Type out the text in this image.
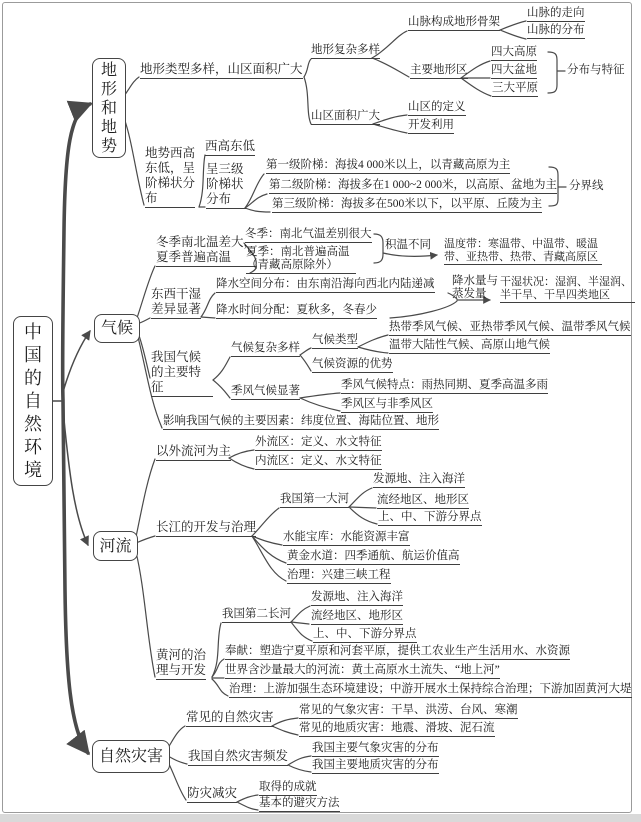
中国的自然环境
地形和地势
气候
河流
自然灾害
地形类型多样，山区面积广大
地形复杂多样
山脉构成地形骨架
山脉的走向
山脉的分布
主要地形区
四大高原
四大盆地
三大平原
分布与特征
山区面积广大
山区的定义
开发利用
地势西高东低，呈阶梯状分布
西高东低
呈三级阶梯状分布
第一级阶梯：海拔4 000米以上，以青藏高原为主
第二级阶梯：海拔多在1 000~2 000米，以高原、盆地为主
第三级阶梯：海拔多在500米以下，以平原、丘陵为主
分界线
冬季南北温差大，夏季普遍高温
冬季：南北气温差别很大
夏季：南北普遍高温（青藏高原除外）
积温不同 温度带：寒温带、中温带、暖温带、亚热带、热带、青藏高原区
东西干湿差异显著
降水空间分布：由东南沿海向西北内陆递减
降水时间分配：夏秋多，冬春少
降水量与蒸发量
干湿状况：湿润、半湿润、半干旱、干旱四类地区
我国气候的主要特征
气候复杂多样
气候类型
热带季风气候、亚热带季风气候、温带季风气候
温带大陆性气候、高原山地气候
气候资源的优势
季风气候显著	季风气候特点：雨热同期、夏季高温多雨
季风区与非季风区
影响我国气候的主要因素：纬度位置、海陆位置、地形
以外流河为主
外流区：定义、水文特征
内流区：定义、水文特征
长江的开发与治理
我国第一大河
发源地、注入海洋
流经地区、地形区
上、中、下游分界点
水能宝库：水能资源丰富
黄金水道：四季通航、航运价值高
治理：兴建三峡工程
黄河的治理与开发
我国第二长河
发源地、注入海洋
流经地区、地形区
上、中、下游分界点
奉献：塑造宁夏平原和河套平原，提供工农业生产生活用水、水资源
世界含沙量最大的河流：黄土高原水土流失、“地上河”
治理：上游加强生态环境建设；中游开展水土保持综合治理；下游加固黄河大堤
常见的自然灾害 常见的气象灾害：干旱、洪涝、台风、寒潮
常见的地质灾害：地震、滑坡、泥石流
我国自然灾害频发
我国主要气象灾害的分布
我国主要地质灾害的分布
防灾减灾 取得的成就
基本的避灾方法
